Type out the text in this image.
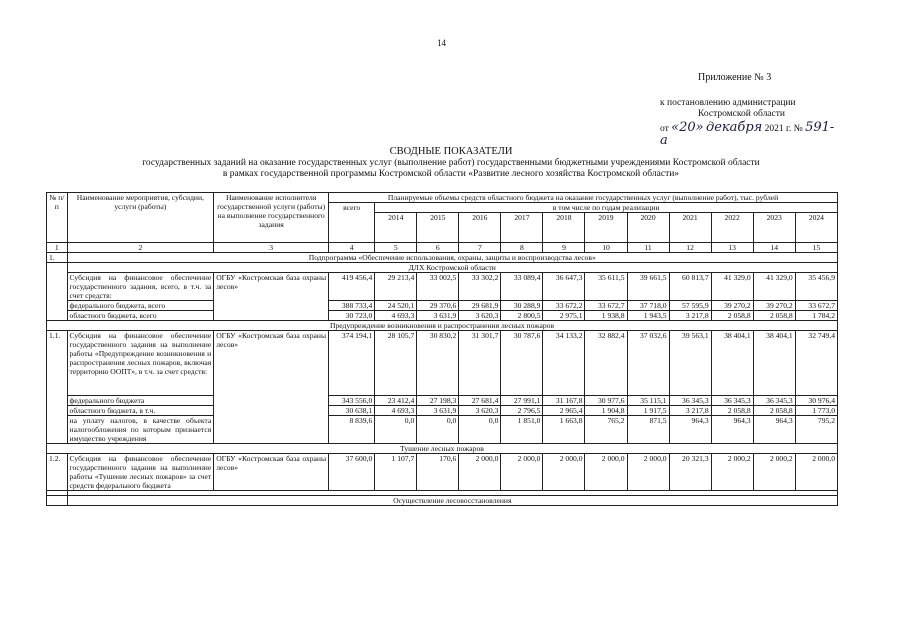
14
Приложение № 3
к постановлению администрации
Костромской области
от «20» декабря 2021 г. № 591-а
СВОДНЫЕ ПОКАЗАТЕЛИ
государственных заданий на оказание государственных услуг (выполнение работ) государственными бюджетными учреждениями Костромской области
в рамках государственной программы Костромской области «Развитие лесного хозяйства Костромской области»
№ п/п	Наименование мероприятия, субсидии, услуги (работы)	Наименование исполнителя государственной услуги (работы) на выполнение государственного задания	Планируемые объемы средств областного бюджета на оказание государственных услуг (выполнение работ), тыс. рублей											
			всего	в том числе по годам реализации										
				2014	2015	2016	2017	2018	2019	2020	2021	2022	2023	2024
1	2	3	4	5	6	7	8	9	10	11	12	13	14	15
1.	Подпрограмма «Обеспечение использования, охраны, защиты и воспроизводства лесов»													
	ДЛХ Костромской области													
	Субсидия на финансовое обеспечение государственного задания, всего, в т.ч. за счет средств:	ОГБУ «Костромская база охраны лесов»	419 456,4	29 213,4	33 002,5	33 302,2	33 089,4	36 647,3	35 611,5	39 661,5	60 813,7	41 329,0	41 329,0	35 456,9
	федерального бюджета, всего		388 733,4	24 520,1	29 370,6	29 681,9	30 288,9	33 672,2	33 672,7	37 718,0	57 595,9	39 270,2	39 270,2	33 672,7
	областного бюджета, всего		30 723,0	4 693,3	3 631,9	3 620,3	2 800,5	2 975,1	1 938,8	1 943,5	3 217,8	2 058,8	2 058,8	1 784,2
Предупреждение возникновения и распространения лесных пожаров														
1.1.	Субсидия на финансовое обеспечение государственного задания на выполнение работы «Предупреждение возникновения и распространения лесных пожаров, включая территорию ООПТ», в т.ч. за счет средств:	ОГБУ «Костромская база охраны лесов»	374 194,1	28 105,7	30 830,2	31 301,7	30 787,6	34 133,2	32 882,4	37 032,6	39 563,1	38 404,1	38 404,1	32 749,4
	федерального бюджета		343 556,0	23 412,4	27 198,3	27 681,4	27 991,1	31 167,8	30 977,6	35 115,1	36 345,3	36 345,3	36 345,3	30 976,4
	областного бюджета, в т.ч.		30 638,1	4 693,3	3 631,9	3 620,3	2 796,5	2 965,4	1 904,8	1 917,5	3 217,8	2 058,8	2 058,8	1 773,0
	на уплату налогов, в качестве объекта налогообложения по которым признается имущество учреждения		8 839,6	0,0	0,0	0,0	1 851,0	1 663,8	765,2	871,5	964,3	964,3	964,3	795,2
Тушение лесных пожаров														
1.2.	Субсидия на финансовое обеспечение государственного задания на выполнение работы «Тушение лесных пожаров» за счет средств федерального бюджета	ОГБУ «Костромская база охраны лесов»	37 600,0	1 107,7	170,6	2 000,0	2 000,0	2 000,0	2 000,0	2 000,0	20 321,3	2 000,2	2 000,2	2 000,0

	Осуществление лесовосстановления													
